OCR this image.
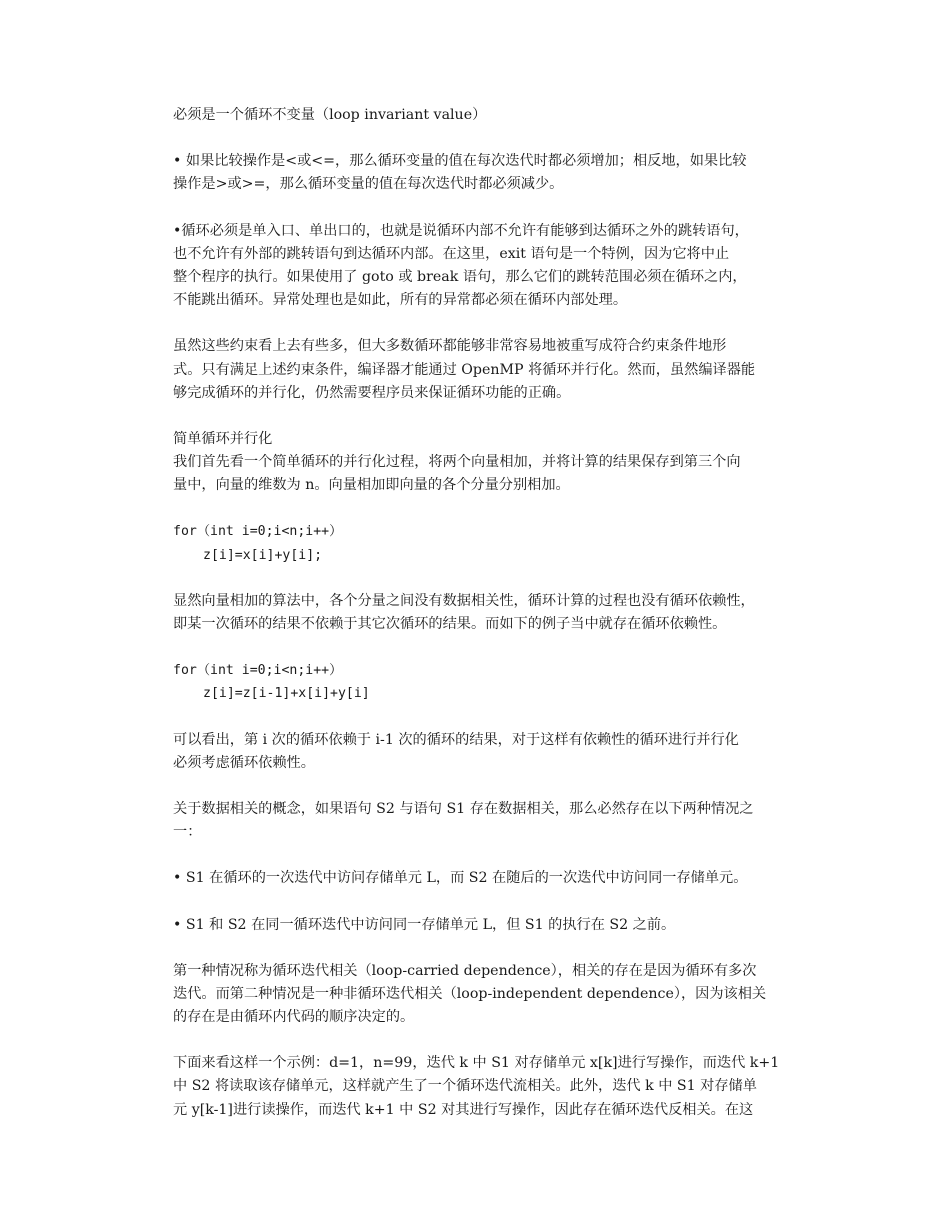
必须是一个循环不变量（loop invariant value）
• 如果比较操作是<或<=，那么循环变量的值在每次迭代时都必须增加；相反地，如果比较
操作是>或>=，那么循环变量的值在每次迭代时都必须减少。
•循环必须是单入口、单出口的，也就是说循环内部不允许有能够到达循环之外的跳转语句，
也不允许有外部的跳转语句到达循环内部。在这里，exit 语句是一个特例，因为它将中止
整个程序的执行。如果使用了 goto 或 break 语句，那么它们的跳转范围必须在循环之内，
不能跳出循环。异常处理也是如此，所有的异常都必须在循环内部处理。
虽然这些约束看上去有些多，但大多数循环都能够非常容易地被重写成符合约束条件地形
式。只有满足上述约束条件，编译器才能通过 OpenMP 将循环并行化。然而，虽然编译器能
够完成循环的并行化，仍然需要程序员来保证循环功能的正确。
简单循环并行化
我们首先看一个简单循环的并行化过程，将两个向量相加，并将计算的结果保存到第三个向
量中，向量的维数为 n。向量相加即向量的各个分量分别相加。
for（int i=0;i<n;i++）
z[i]=x[i]+y[i];
显然向量相加的算法中，各个分量之间没有数据相关性，循环计算的过程也没有循环依赖性，
即某一次循环的结果不依赖于其它次循环的结果。而如下的例子当中就存在循环依赖性。
for（int i=0;i<n;i++）
z[i]=z[i-1]+x[i]+y[i]
可以看出，第 i 次的循环依赖于 i-1 次的循环的结果，对于这样有依赖性的循环进行并行化
必须考虑循环依赖性。
关于数据相关的概念，如果语句 S2 与语句 S1 存在数据相关，那么必然存在以下两种情况之
一：
• S1 在循环的一次迭代中访问存储单元 L，而 S2 在随后的一次迭代中访问同一存储单元。
• S1 和 S2 在同一循环迭代中访问同一存储单元 L，但 S1 的执行在 S2 之前。
第一种情况称为循环迭代相关（loop-carried dependence），相关的存在是因为循环有多次
迭代。而第二种情况是一种非循环迭代相关（loop-independent dependence），因为该相关
的存在是由循环内代码的顺序决定的。
下面来看这样一个示例：d=1，n=99，迭代 k 中 S1 对存储单元 x[k]进行写操作，而迭代 k+1
中 S2 将读取该存储单元，这样就产生了一个循环迭代流相关。此外，迭代 k 中 S1 对存储单
元 y[k-1]进行读操作，而迭代 k+1 中 S2 对其进行写操作，因此存在循环迭代反相关。在这
